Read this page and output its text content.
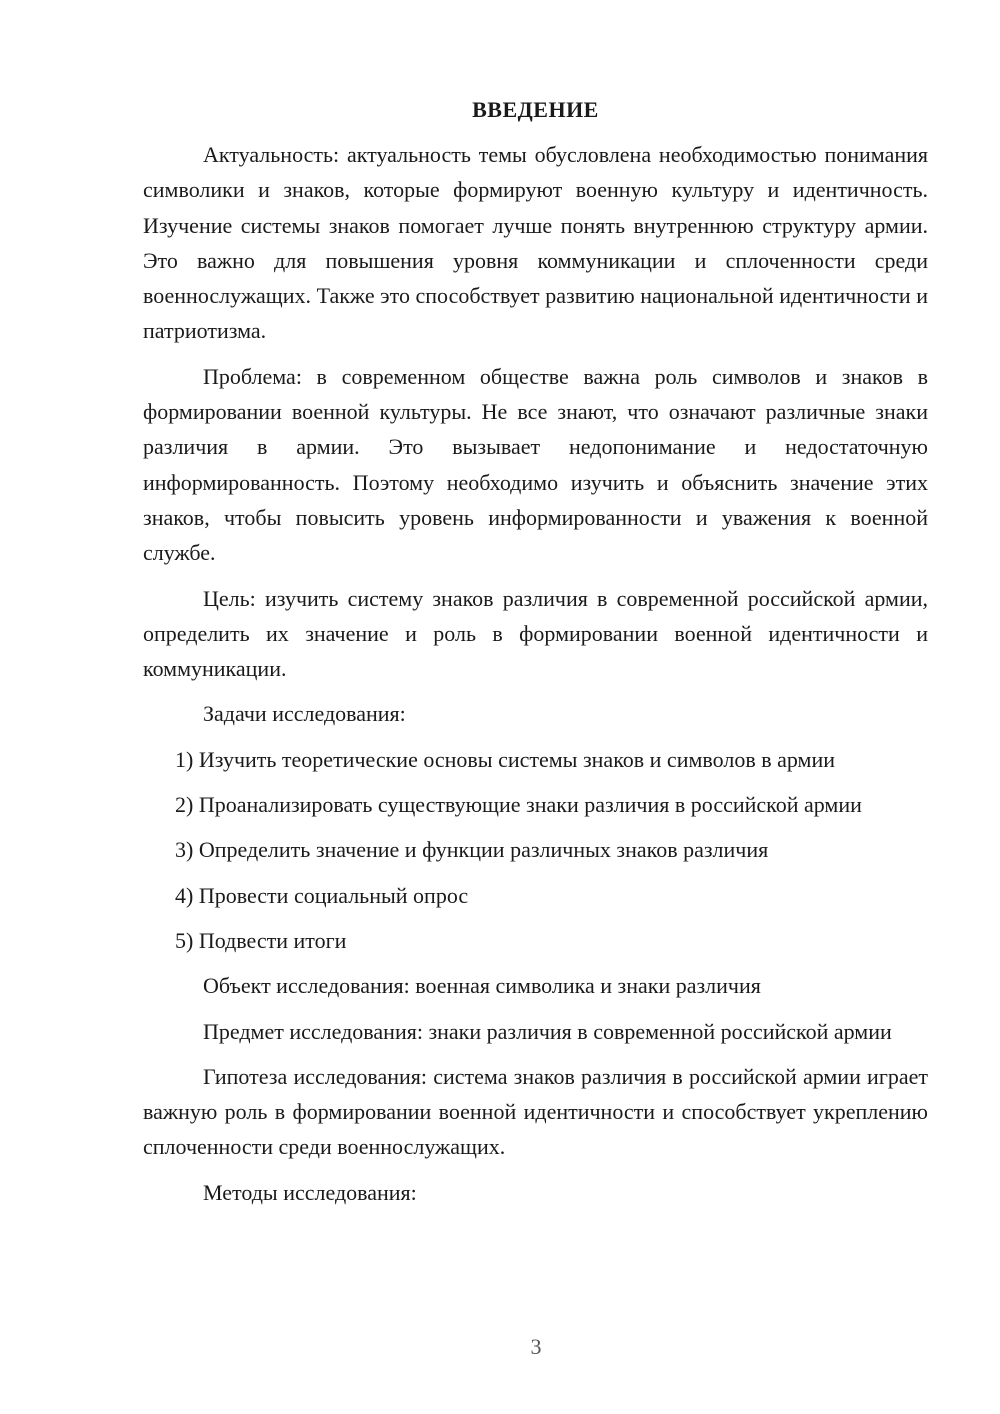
ВВЕДЕНИЕ

Актуальность: актуальность темы обусловлена необходимостью понимания символики и знаков, которые формируют военную культуру и идентичность. Изучение системы знаков помогает лучше понять внутреннюю структуру армии. Это важно для повышения уровня коммуникации и сплоченности среди военнослужащих. Также это способствует развитию национальной идентичности и патриотизма.

Проблема: в современном обществе важна роль символов и знаков в формировании военной культуры. Не все знают, что означают различные знаки различия в армии. Это вызывает недопонимание и недостаточную информированность. Поэтому необходимо изучить и объяснить значение этих знаков, чтобы повысить уровень информированности и уважения к военной службе.

Цель: изучить систему знаков различия в современной российской армии, определить их значение и роль в формировании военной идентичности и коммуникации.

Задачи исследования:

1) Изучить теоретические основы системы знаков и символов в армии

2) Проанализировать существующие знаки различия в российской армии

3) Определить значение и функции различных знаков различия

4) Провести социальный опрос

5) Подвести итоги

Объект исследования: военная символика и знаки различия

Предмет исследования: знаки различия в современной российской армии

Гипотеза исследования: система знаков различия в российской армии играет важную роль в формировании военной идентичности и способствует укреплению сплоченности среди военнослужащих.

Методы исследования:

3
